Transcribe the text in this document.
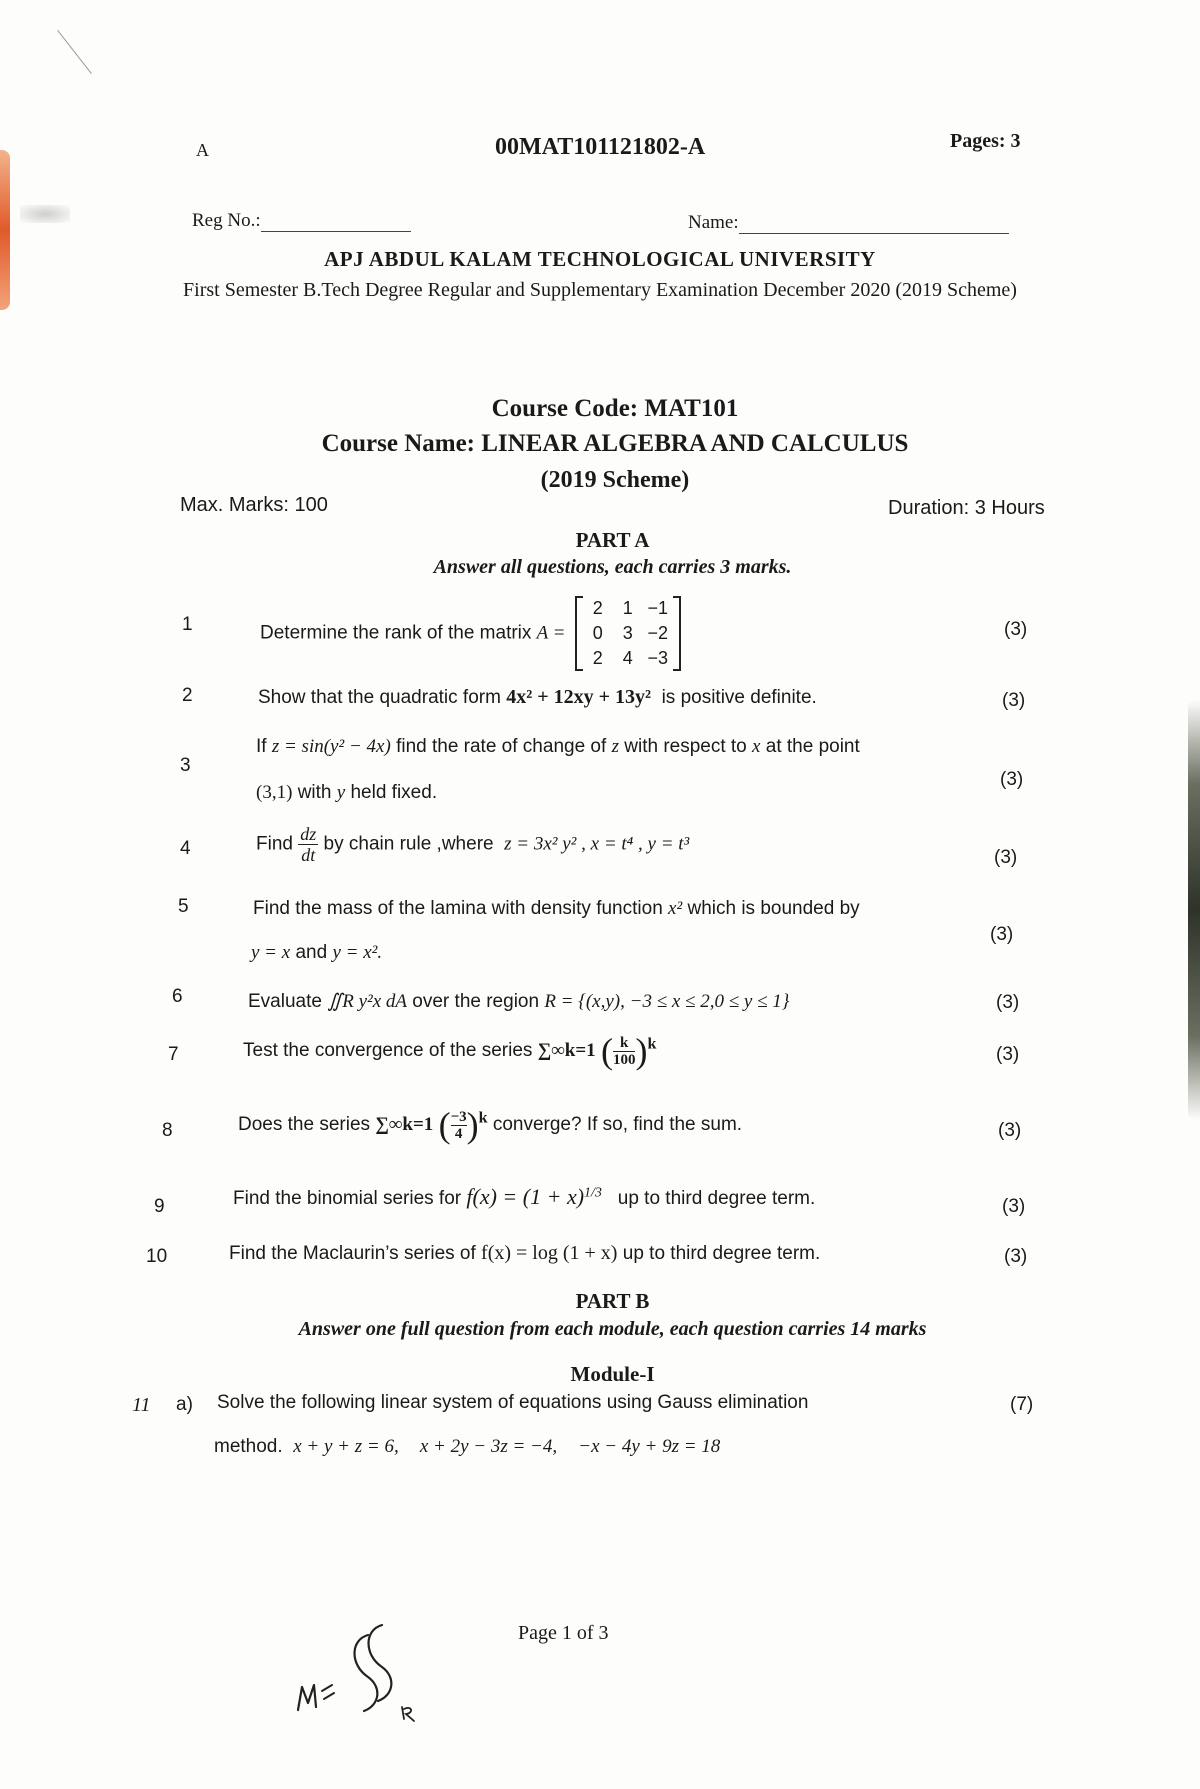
A	00MAT101121802-A	Pages: 3
Reg No.:	Name:
APJ ABDUL KALAM TECHNOLOGICAL UNIVERSITY
First Semester B.Tech Degree Regular and Supplementary Examination December 2020 (2019 Scheme)
Course Code: MAT101
Course Name: LINEAR ALGEBRA AND CALCULUS
(2019 Scheme)
Max. Marks: 100	Duration: 3 Hours
PART A
Answer all questions, each carries 3 marks.
1	Determine the rank of the matrix A =
2 1 −1
0 3 −2
2 4 −3
(3)
2	Show that the quadratic form 4x² + 12xy + 13y² is positive definite.	(3)
3
If z = sin(y² − 4x) find the rate of change of z with respect to x at the point
(3,1) with y held fixed.
(3)
4	Find $\frac{dz}{dt}$ by chain rule ,where z = 3x² y² , x = t⁴ , y = t³
(3)
5	Find the mass of the lamina with density function x² which is bounded by
y = x and y = x².
(3)
6	Evaluate ∬R y²x dA over the region R = {(x,y), −3 ≤ x ≤ 2,0 ≤ y ≤ 1}	(3)
7	Test the convergence of the series ∑∞k=1 ( $\frac{k}{100})^k$	(3)
8	Does the series ∑∞k=1 ( $\frac{-3}{4})^k$ converge? If so, find the sum.	(3)
9	Find the binomial series for $f(x) = (1 + x)^{1/3}$ up to third degree term.	(3)
10	Find the Maclaurin’s series of f(x) = log (1 + x) up to third degree term.	(3)
PART B
Answer one full question from each module, each question carries 14 marks
Module-I
11 a) Solve the following linear system of equations using Gauss elimination
method. x + y + z = 6, x + 2y − 3z = −4, −x − 4y + 9z = 18
(7)
Page 1 of 3
